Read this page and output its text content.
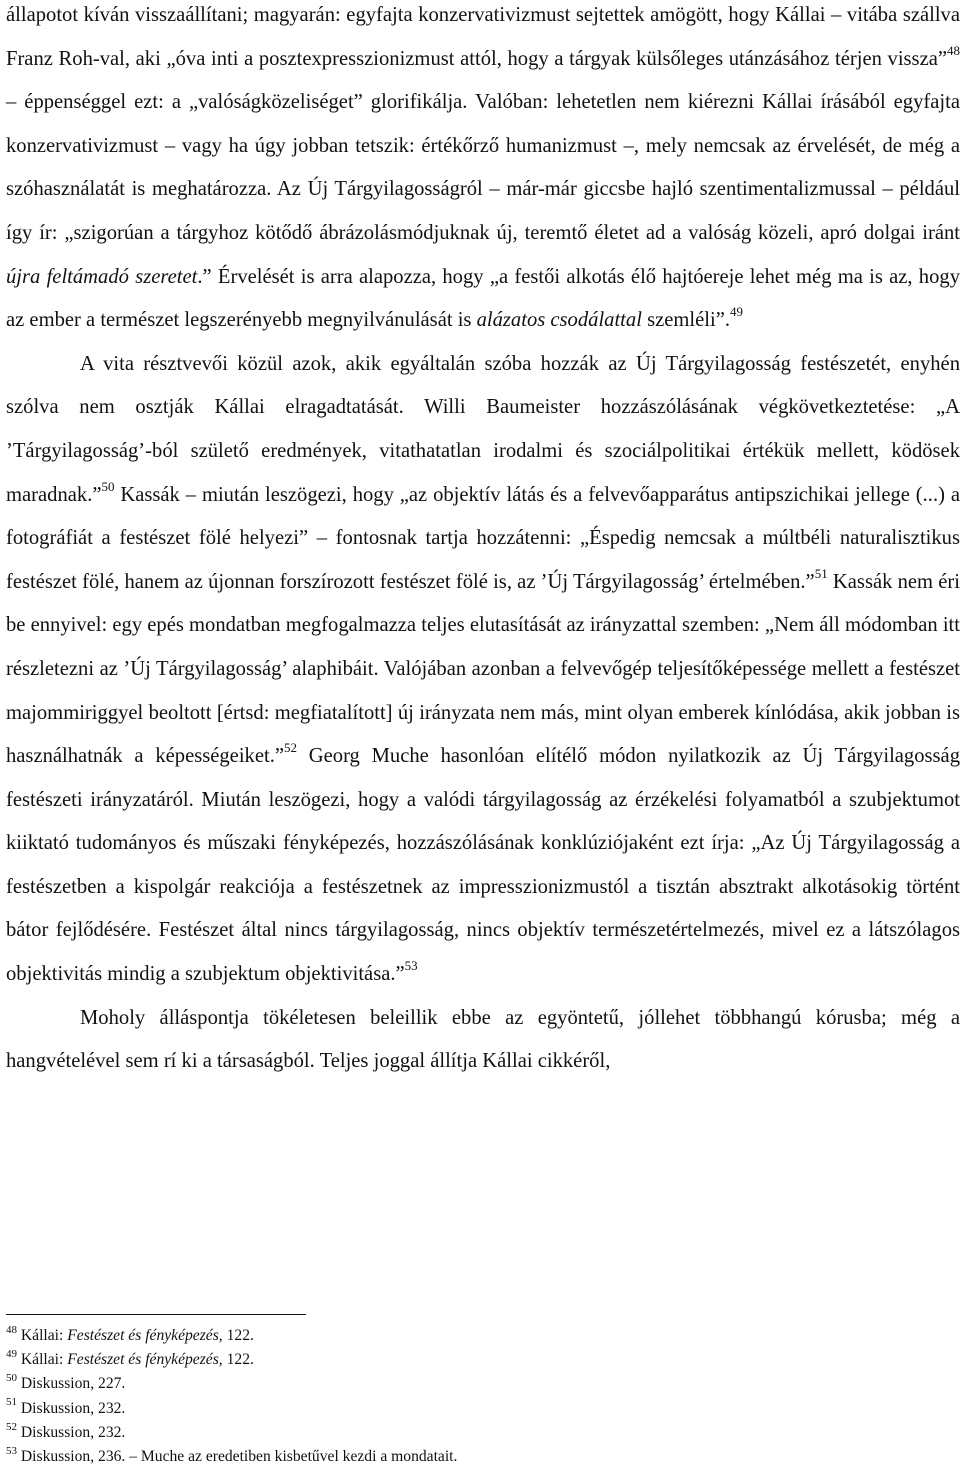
állapotot kíván visszaállítani; magyarán: egyfajta konzervativizmust sejtettek amögött, hogy Kállai – vitába szállva Franz Roh-val, aki „óva inti a posztexpresszionizmust attól, hogy a tárgyak külsőleges utánzásához térjen vissza”$^{48}$ – éppenséggel ezt: a „valóságközeliséget” glorifikálja. Valóban: lehetetlen nem kiérezni Kállai írásából egyfajta konzervativizmust – vagy ha úgy jobban tetszik: értékőrző humanizmust –, mely nemcsak az érvelését, de még a szóhasználatát is meghatározza. Az Új Tárgyilagosságról – már-már giccsbe hajló szentimentalizmussal – például így ír: „szigorúan a tárgyhoz kötődő ábrázolásmódjuknak új, teremtő életet ad a valóság közeli, apró dolgai iránt újra feltámadó szeretet.” Érvelését is arra alapozza, hogy „a festői alkotás élő hajtóereje lehet még ma is az, hogy az ember a természet legszerényebb megnyilvánulását is alázatos csodálattal szemléli”.$^{49}$

A vita résztvevői közül azok, akik egyáltalán szóba hozzák az Új Tárgyilagosság festészetét, enyhén szólva nem osztják Kállai elragadtatását. Willi Baumeister hozzászólásának végkövetkeztetése: „A ’Tárgyilagosság’-ból születő eredmények, vitathatatlan irodalmi és szociálpolitikai értékük mellett, ködösek maradnak.”$^{50}$ Kassák – miután leszögezi, hogy „az objektív látás és a felvevőapparátus antipszichikai jellege (...) a fotográfiát a festészet fölé helyezi” – fontosnak tartja hozzátenni: „Éspedig nemcsak a múltbéli naturalisztikus festészet fölé, hanem az újonnan forszírozott festészet fölé is, az ’Új Tárgyilagosság’ értelmében.”$^{51}$ Kassák nem éri be ennyivel: egy epés mondatban megfogalmazza teljes elutasítását az irányzattal szemben: „Nem áll módomban itt részletezni az ’Új Tárgyilagosság’ alaphibáit. Valójában azonban a felvevőgép teljesítőképessége mellett a festészet majommiriggyel beoltott [értsd: megfiatalított] új irányzata nem más, mint olyan emberek kínlódása, akik jobban is használhatnák a képességeiket.”$^{52}$ Georg Muche hasonlóan elítélő módon nyilatkozik az Új Tárgyilagosság festészeti irányzatáról. Miután leszögezi, hogy a valódi tárgyilagosság az érzékelési folyamatból a szubjektumot kiiktató tudományos és műszaki fényképezés, hozzászólásának konklúziójaként ezt írja: „Az Új Tárgyilagosság a festészetben a kispolgár reakciója a festészetnek az impresszionizmustól a tisztán absztrakt alkotásokig történt bátor fejlődésére. Festészet által nincs tárgyilagosság, nincs objektív természetértelmezés, mivel ez a látszólagos objektivitás mindig a szubjektum objektivitása.”$^{53}$

Moholy álláspontja tökéletesen beleillik ebbe az egyöntetű, jóllehet többhangú kórusba; még a hangvételével sem rí ki a társaságból. Teljes joggal állítja Kállai cikkéről,

$^{48}$ Kállai: Festészet és fényképezés, 122.
$^{49}$ Kállai: Festészet és fényképezés, 122.
$^{50}$ Diskussion, 227.
$^{51}$ Diskussion, 232.
$^{52}$ Diskussion, 232.
$^{53}$ Diskussion, 236. – Muche az eredetiben kisbetűvel kezdi a mondatait.
